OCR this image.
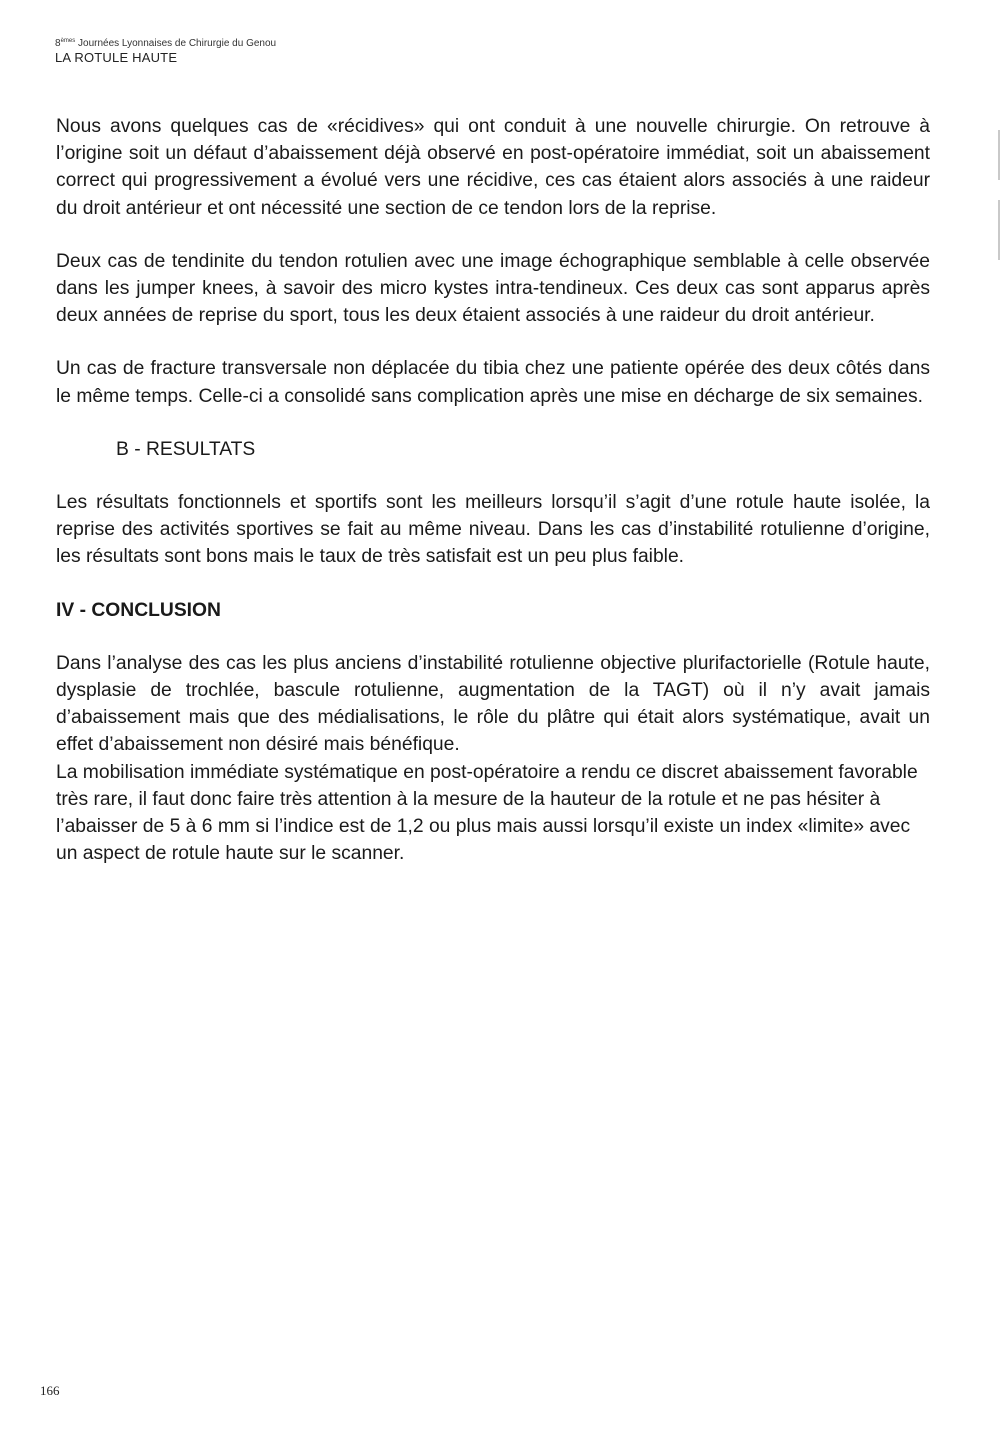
8èmes Journées Lyonnaises de Chirurgie du Genou
LA ROTULE HAUTE

Nous avons quelques cas de «récidives» qui ont conduit à une nouvelle chirurgie. On retrouve à l’origine soit un défaut d’abaissement déjà observé en post-opératoire immédiat, soit un abaissement correct qui progressivement a évolué vers une récidive, ces cas étaient alors associés à une raideur du droit antérieur et ont nécessité une section de ce tendon lors de la reprise.

Deux cas de tendinite du tendon rotulien avec une image échographique semblable à celle observée dans les jumper knees, à savoir des micro kystes intra-tendineux. Ces deux cas sont apparus après deux années de reprise du sport, tous les deux étaient associés à une raideur du droit antérieur.

Un cas de fracture transversale non déplacée du tibia chez une patiente opérée des deux côtés dans le même temps. Celle-ci a consolidé sans complication après une mise en décharge de six semaines.

B - RESULTATS

Les résultats fonctionnels et sportifs sont les meilleurs lorsqu’il s’agit d’une rotule haute isolée, la reprise des activités sportives se fait au même niveau. Dans les cas d’instabilité rotulienne d’origine, les résultats sont bons mais le taux de très satisfait est un peu plus faible.

IV - CONCLUSION

Dans l’analyse des cas les plus anciens d’instabilité rotulienne objective plurifactorielle (Rotule haute, dysplasie de trochlée, bascule rotulienne, augmentation de la TAGT) où il n’y avait jamais d’abaissement mais que des médialisations, le rôle du plâtre qui était alors systématique, avait un effet d’abaissement non désiré mais bénéfique.

La mobilisation immédiate systématique en post-opératoire a rendu ce discret abaissement favorable très rare, il faut donc faire très attention à la mesure de la hauteur de la rotule et ne pas hésiter à l’abaisser de 5 à 6 mm si l’indice est de 1,2 ou plus mais aussi lorsqu’il existe un index «limite» avec un aspect de rotule haute sur le scanner.

166
